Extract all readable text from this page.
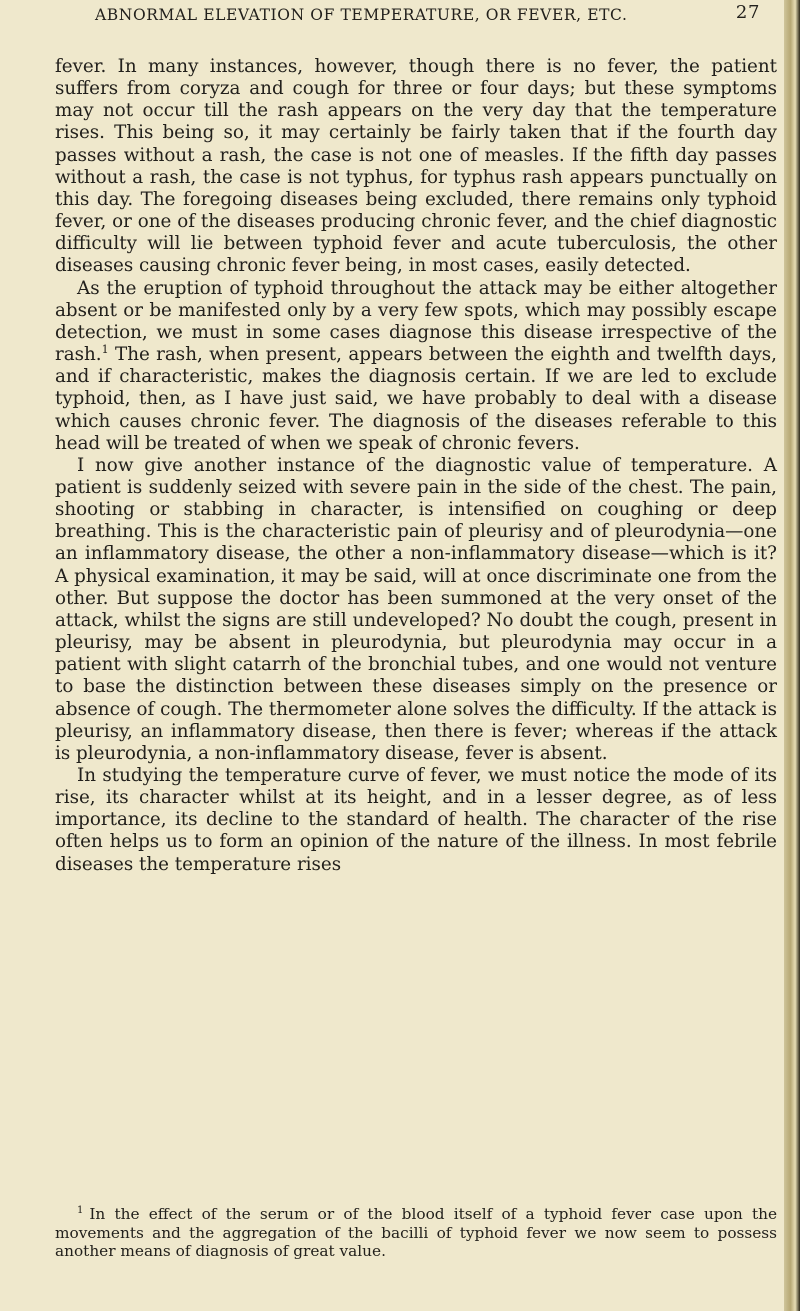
ABNORMAL ELEVATION OF TEMPERATURE, OR FEVER, ETC.	27

fever. In many instances, however, though there is no fever, the patient suffers from coryza and cough for three or four days; but these symptoms may not occur till the rash appears on the very day that the temperature rises. This being so, it may certainly be fairly taken that if the fourth day passes without a rash, the case is not one of measles. If the fifth day passes without a rash, the case is not typhus, for typhus rash appears punctually on this day. The foregoing diseases being excluded, there remains only typhoid fever, or one of the diseases producing chronic fever, and the chief diagnostic difficulty will lie between typhoid fever and acute tuberculosis, the other diseases causing chronic fever being, in most cases, easily detected.

As the eruption of typhoid throughout the attack may be either altogether absent or be manifested only by a very few spots, which may possibly escape detection, we must in some cases diagnose this disease irrespective of the rash.$^1$ The rash, when present, appears between the eighth and twelfth days, and if characteristic, makes the diagnosis certain. If we are led to exclude typhoid, then, as I have just said, we have probably to deal with a disease which causes chronic fever. The diagnosis of the diseases referable to this head will be treated of when we speak of chronic fevers.

I now give another instance of the diagnostic value of temperature. A patient is suddenly seized with severe pain in the side of the chest. The pain, shooting or stabbing in character, is intensified on coughing or deep breathing. This is the characteristic pain of pleurisy and of pleurodynia—one an inflammatory disease, the other a non-inflammatory disease—which is it? A physical examination, it may be said, will at once discriminate one from the other. But suppose the doctor has been summoned at the very onset of the attack, whilst the signs are still undeveloped? No doubt the cough, present in pleurisy, may be absent in pleurodynia, but pleurodynia may occur in a patient with slight catarrh of the bronchial tubes, and one would not venture to base the distinction between these diseases simply on the presence or absence of cough. The thermometer alone solves the difficulty. If the attack is pleurisy, an inflammatory disease, then there is fever; whereas if the attack is pleurodynia, a non-inflammatory disease, fever is absent.

In studying the temperature curve of fever, we must notice the mode of its rise, its character whilst at its height, and in a lesser degree, as of less importance, its decline to the standard of health. The character of the rise often helps us to form an opinion of the nature of the illness. In most febrile diseases the temperature rises

$^1$ In the effect of the serum or of the blood itself of a typhoid fever case upon the movements and the aggregation of the bacilli of typhoid fever we now seem to possess another means of diagnosis of great value.
